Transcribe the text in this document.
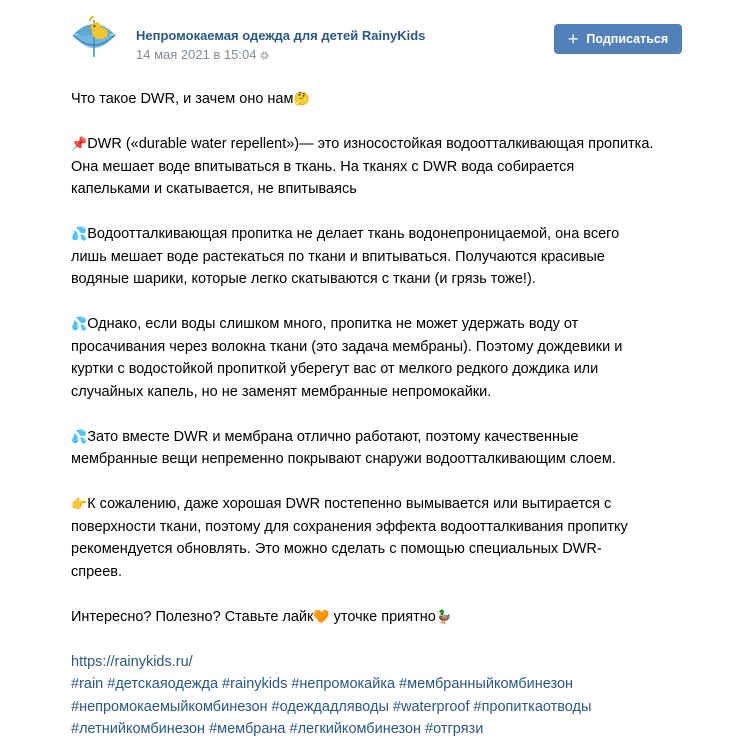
Непромокаемая одежда для детей RainyKids
14 мая 2021 в 15:04
+ Подписаться
Что такое DWR, и зачем оно нам🤔
📌DWR («durable water repellent»)— это износостойкая водоотталкивающая пропитка.
Она мешает воде впитываться в ткань. На тканях с DWR вода собирается
капельками и скатывается, не впитываясь
💦Водоотталкивающая пропитка не делает ткань водонепроницаемой, она всего
лишь мешает воде растекаться по ткани и впитываться. Получаются красивые
водяные шарики, которые легко скатываются с ткани (и грязь тоже!).
💦Однако, если воды слишком много, пропитка не может удержать воду от
просачивания через волокна ткани (это задача мембраны). Поэтому дождевики и
куртки с водостойкой пропиткой уберегут вас от мелкого редкого дождика или
случайных капель, но не заменят мембранные непромокайки.
💦Зато вместе DWR и мембрана отлично работают, поэтому качественные
мембранные вещи непременно покрывают снаружи водоотталкивающим слоем.
👉К сожалению, даже хорошая DWR постепенно вымывается или вытирается с
поверхности ткани, поэтому для сохранения эффекта водоотталкивания пропитку
рекомендуется обновлять. Это можно сделать с помощью специальных DWR-
спреев.
Интересно? Полезно? Ставьте лайк🧡 уточке приятно🦆
https://rainykids.ru/
#rain #детскаяодежда #rainykids #непромокайка #мембранныйкомбинезон
#непромокаемыйкомбинезон #одеждадляводы #waterproof #пропиткаотводы
#летнийкомбинезон #мембрана #легкийкомбинезон #отгрязи
